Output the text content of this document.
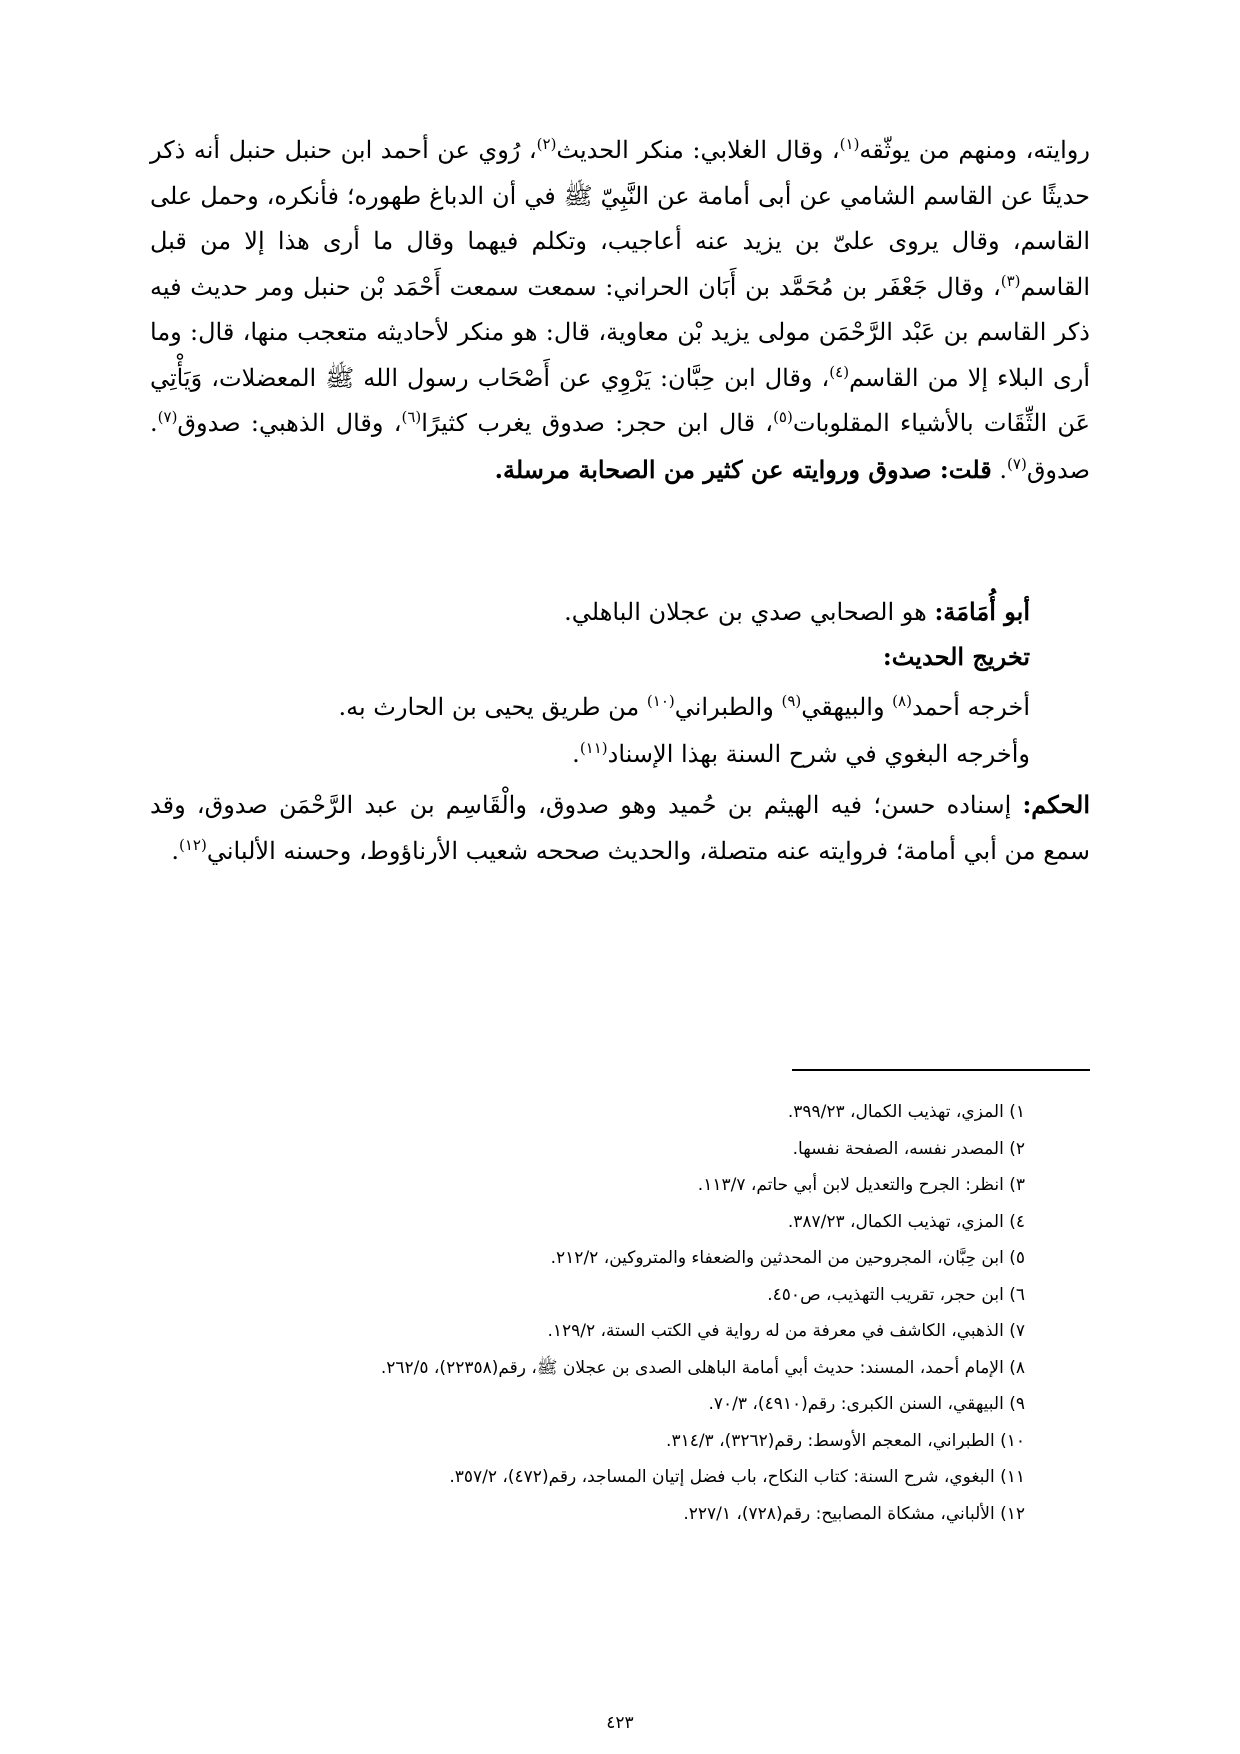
روايته، ومنهم من يوثّقه$^{(١)}$، وقال الغلابي: منكر الحديث$^{(٢)}$، رُوي عن أحمد ابن حنبل حنبل أنه ذكر حديثًا عن القاسم الشامي عن أبى أمامة عن النَّبِيّ ﷺ في أن الدباغ طهوره؛ فأنكره، وحمل على القاسم، وقال يروى علىّ بن يزيد عنه أعاجيب، وتكلم فيهما وقال ما أرى هذا إلا من قبل القاسم$^{(٣)}$، وقال جَعْفَر بن مُحَمَّد بن أَبَان الحراني: سمعت سمعت أَحْمَد بْن حنبل ومر حديث فيه ذكر القاسم بن عَبْد الرَّحْمَن مولى يزيد بْن معاوية، قال: هو منكر لأحاديثه متعجب منها، قال: وما أرى البلاء إلا من القاسم$^{(٤)}$، وقال ابن حِبَّان: يَرْوِي عن أَصْحَاب رسول الله ﷺ المعضلات، وَيَأْتِي عَن الثِّقَات بالأشياء المقلوبات$^{(٥)}$، قال ابن حجر: صدوق يغرب كثيرًا$^{(٦)}$، وقال الذهبي: صدوق$^{(٧)}$. صدوق$^{(٧)}$. قلت: صدوق وروايته عن كثير من الصحابة مرسلة.

أبو أُمَامَة: هو الصحابي صدي بن عجلان الباهلي.
تخريج الحديث:
أخرجه أحمد$^{(٨)}$ والبيهقي$^{(٩)}$ والطبراني$^{(١٠)}$ من طريق يحيى بن الحارث به.
وأخرجه البغوي في شرح السنة بهذا الإسناد$^{(١١)}$.

الحكم: إسناده حسن؛ فيه الهيثم بن حُميد وهو صدوق، والْقَاسِم بن عبد الرَّحْمَن صدوق، وقد سمع من أبي أمامة؛ فروايته عنه متصلة، والحديث صححه شعيب الأرناؤوط، وحسنه الألباني$^{(١٢)}$.

١) المزي، تهذيب الكمال، ٣٩٩/٢٣.
٢) المصدر نفسه، الصفحة نفسها.
٣) انظر: الجرح والتعديل لابن أبي حاتم، ١١٣/٧.
٤) المزي، تهذيب الكمال، ٣٨٧/٢٣.
٥) ابن حِبَّان، المجروحين من المحدثين والضعفاء والمتروكين، ٢١٢/٢.
٦) ابن حجر، تقريب التهذيب، ص٤٥٠.
٧) الذهبي، الكاشف في معرفة من له رواية في الكتب الستة، ١٢٩/٢.
٨) الإمام أحمد، المسند: حديث أبي أمامة الباهلى الصدى بن عجلان ﷺ، رقم(٢٢٣٥٨)، ٢٦٢/٥.
٩) البيهقي، السنن الكبرى: رقم(٤٩١٠)، ٧٠/٣.
١٠) الطبراني، المعجم الأوسط: رقم(٣٢٦٢)، ٣١٤/٣.
١١) البغوي، شرح السنة: كتاب النكاح، باب فضل إتيان المساجد، رقم(٤٧٢)، ٣٥٧/٢.
١٢) الألباني، مشكاة المصابيح: رقم(٧٢٨)، ٢٢٧/١.
٤٢٣
